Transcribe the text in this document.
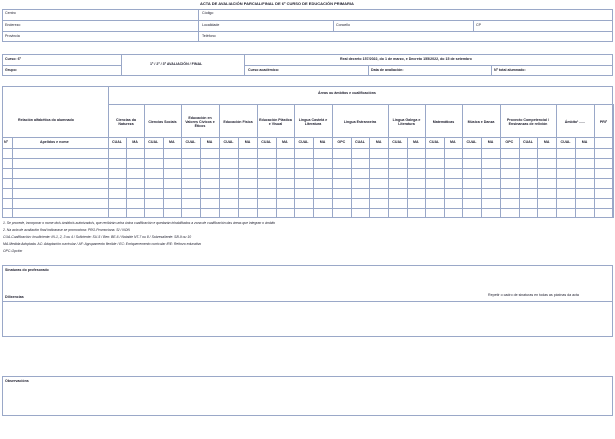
ACTA DE AVALIACIÓN PARCIAL/FINAL DE 6º CURSO DE EDUCACIÓN PRIMARIA
Centro	Código
Enderezo	Localidade	Concello	CP
Provincia	Teléfono
Curso: 6º
Grupo:
1ª / 2ª / 3ª AVALIACIÓN / FINAL
Real decreto 157/2022, do 1 de marzo, e Decreto 155/2022, do 15 de setembro
Curso académico:	Data de avaliación:	Nº total alumnado:
Áreas ou âmbitos e cualificacións
Relación alfabética do alumnado
Nº	Apelidos e nome
Ciencias da Natureza
CUAL	MA
Ciencias Sociais
CUAL	MA
Educación en Valores Cívicos e Éticos
CUAL	MA
Educación Física
CUAL	MA
Educación Plástica e Visual
CUAL	MA
Lingua Castelá e Literatura
CUAL	MA
Lingua Estranxeira
OPC	CUAL	MA
Lingua Galega e Literatura
CUAL	MA
Matemáticas
CUAL	MA
Música e Danza
CUAL	MA
Proxecto Competencial / Ensinanzas de relixión
OPC	CUAL	MA
Ámbito¹ ......
CUAL	MA
PRI²
1. Se procede, incorporar o nome do/s ámbito/s autorizado/s, que recibirán unha única cualificación e quedarán inhabilitados a zona de cualificación das áreas que integran o ámbito
2. Na acta de avaliación final indicarase se promociona: PRO-Promociona. SI / NON
CUA-Cualificación: Insuficiente: IN-1, 2, 3 ou 4 / Suficiente: SU-5 / Ben: BE-6 / Notable NT-7 ou 8 / Sobresaliente: SB-9 ou 10
MA-Medida Adoptada. AC: Adaptación curricular / AF: Agrupamento flexible / EC: Enriquecemento curricular /RE: Reforzo educativo
OPC-Opción
Sinaturas do profesorado
Repetir o cadro de sinaturas en todas as páxinas da acta
Dilixencias
Observacións
